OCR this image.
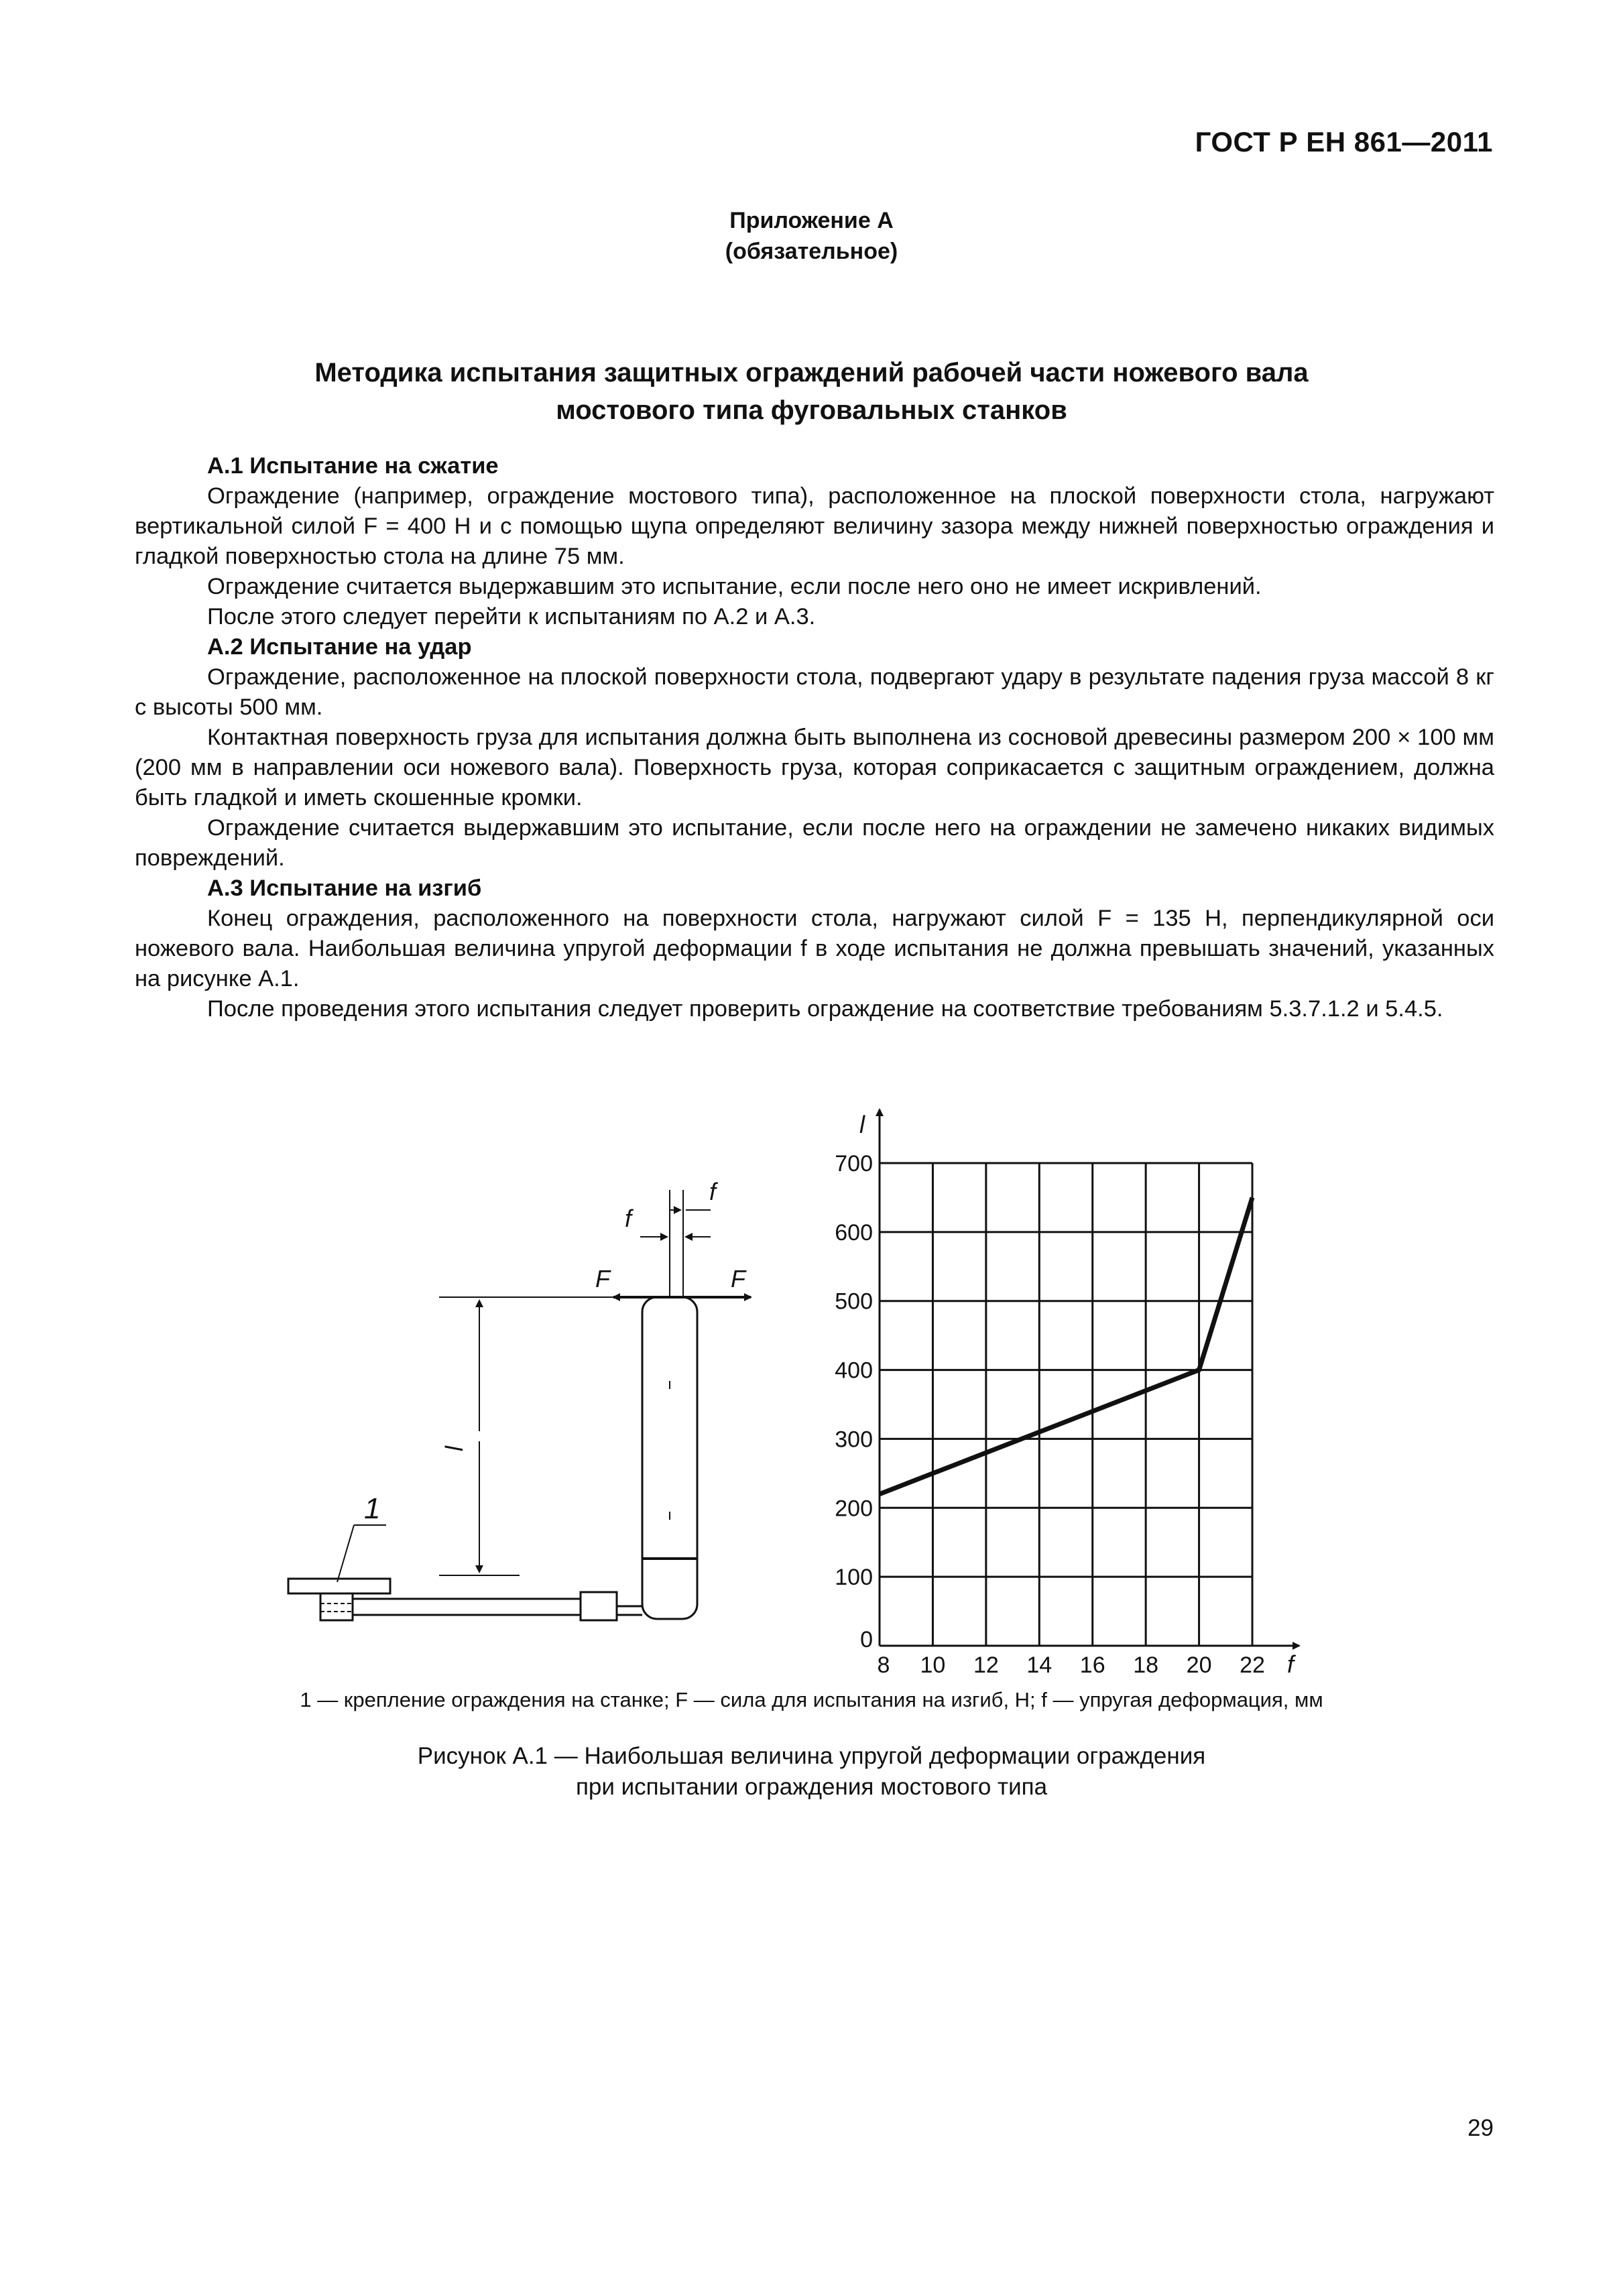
ГОСТ Р ЕН 861—2011
Приложение А
(обязательное)
Методика испытания защитных ограждений рабочей части ножевого вала
мостового типа фуговальных станков
А.1 Испытание на сжатие

Ограждение (например, ограждение мостового типа), расположенное на плоской поверхности стола, нагружают вертикальной силой F = 400 Н и с помощью щупа определяют величину зазора между нижней поверхностью ограждения и гладкой поверхностью стола на длине 75 мм.

Ограждение считается выдержавшим это испытание, если после него оно не имеет искривлений.

После этого следует перейти к испытаниям по А.2 и А.3.

А.2 Испытание на удар

Ограждение, расположенное на плоской поверхности стола, подвергают удару в результате падения груза массой 8 кг с высоты 500 мм.

Контактная поверхность груза для испытания должна быть выполнена из сосновой древесины размером 200 × 100 мм (200 мм в направлении оси ножевого вала). Поверхность груза, которая соприкасается с защитным ограждением, должна быть гладкой и иметь скошенные кромки.

Ограждение считается выдержавшим это испытание, если после него на ограждении не замечено никаких видимых повреждений.

А.3 Испытание на изгиб

Конец ограждения, расположенного на поверхности стола, нагружают силой F = 135 Н, перпендикулярной оси ножевого вала. Наибольшая величина упругой деформации f в ходе испытания не должна превышать значений, указанных на рисунке А.1.

После проведения этого испытания следует проверить ограждение на соответствие требованиям 5.3.7.1.2 и 5.4.5.

f
f
F	F
l
1
8 10 12 14 16 18 20 22
0
100
200
300
400
500
600
700
f
l
1 — крепление ограждения на станке; F — сила для испытания на изгиб, Н; f — упругая деформация, мм
Рисунок А.1 — Наибольшая величина упругой деформации ограждения
при испытании ограждения мостового типа
29
